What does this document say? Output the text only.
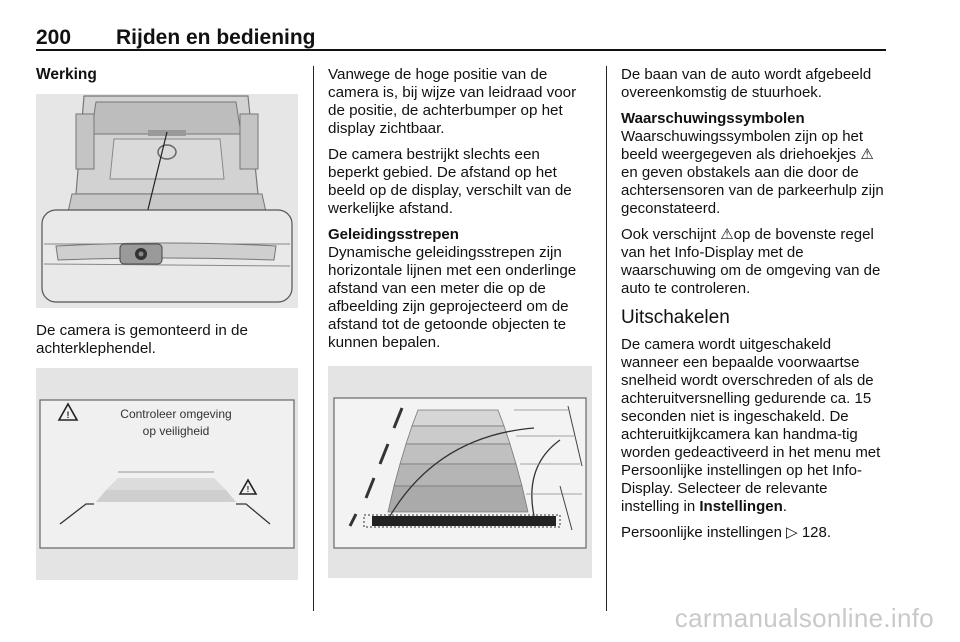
200 Rijden en bediening
Werking

De camera is gemonteerd in de achterklephendel.

!	Controleer omgeving
op veiligheid
!

Vanwege de hoge positie van de camera is, bij wijze van leidraad voor de positie, de achterbumper op het display zichtbaar.

De camera bestrijkt slechts een beperkt gebied. De afstand op het beeld op de display, verschilt van de werkelijke afstand.

Geleidingsstrepen

Dynamische geleidingsstrepen zijn horizontale lijnen met een onderlinge afstand van een meter die op de afbeelding zijn geprojecteerd om de afstand tot de getoonde objecten te kunnen bepalen.

De baan van de auto wordt afgebeeld overeenkomstig de stuurhoek.

Waarschuwingssymbolen

Waarschuwingssymbolen zijn op het beeld weergegeven als driehoekjes ⚠en geven obstakels aan die door de achtersensoren van de parkeerhulp zijn geconstateerd.

Ook verschijnt ⚠op de bovenste regel van het Info-Display met de waarschuwing om de omgeving van de auto te controleren.

Uitschakelen

De camera wordt uitgeschakeld wanneer een bepaalde voorwaartse snelheid wordt overschreden of als de achteruitversnelling gedurende ca. 15 seconden niet is ingeschakeld. De achteruitkijkcamera kan handma-tig worden gedeactiveerd in het menu met Persoonlijke instellingen op het Info-Display. Selecteer de relevante instelling in Instellingen.

Persoonlijke instellingen ▷ 128.

carmanualsonline.info
